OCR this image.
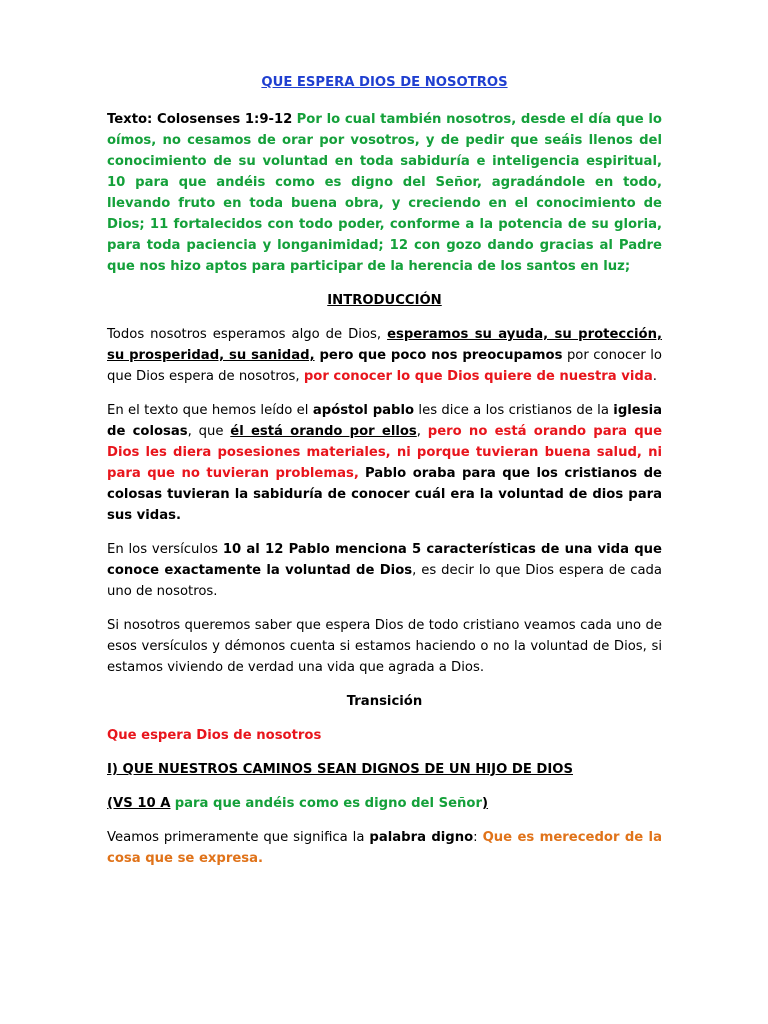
QUE ESPERA DIOS DE NOSOTROS

Texto: Colosenses 1:9-12 Por lo cual también nosotros, desde el día que lo oímos, no cesamos de orar por vosotros, y de pedir que seáis llenos del conocimiento de su voluntad en toda sabiduría e inteligencia espiritual, 10 para que andéis como es digno del Señor, agradándole en todo, llevando fruto en toda buena obra, y creciendo en el conocimiento de Dios; 11 fortalecidos con todo poder, conforme a la potencia de su gloria, para toda paciencia y longanimidad; 12 con gozo dando gracias al Padre que nos hizo aptos para participar de la herencia de los santos en luz;

INTRODUCCIÓN

Todos nosotros esperamos algo de Dios, esperamos su ayuda, su protección, su prosperidad, su sanidad, pero que poco nos preocupamos por conocer lo que Dios espera de nosotros, por conocer lo que Dios quiere de nuestra vida.

En el texto que hemos leído el apóstol pablo les dice a los cristianos de la iglesia de colosas, que él está orando por ellos, pero no está orando para que Dios les diera posesiones materiales, ni porque tuvieran buena salud, ni para que no tuvieran problemas, Pablo oraba para que los cristianos de colosas tuvieran la sabiduría de conocer cuál era la voluntad de dios para sus vidas.

En los versículos 10 al 12 Pablo menciona 5 características de una vida que conoce exactamente la voluntad de Dios, es decir lo que Dios espera de cada uno de nosotros.

Si nosotros queremos saber que espera Dios de todo cristiano veamos cada uno de esos versículos y démonos cuenta si estamos haciendo o no la voluntad de Dios, si estamos viviendo de verdad una vida que agrada a Dios.

Transición

Que espera Dios de nosotros

I) QUE NUESTROS CAMINOS SEAN DIGNOS DE UN HIJO DE DIOS

(VS 10 A para que andéis como es digno del Señor)

Veamos primeramente que significa la palabra digno: Que es merecedor de la cosa que se expresa.
